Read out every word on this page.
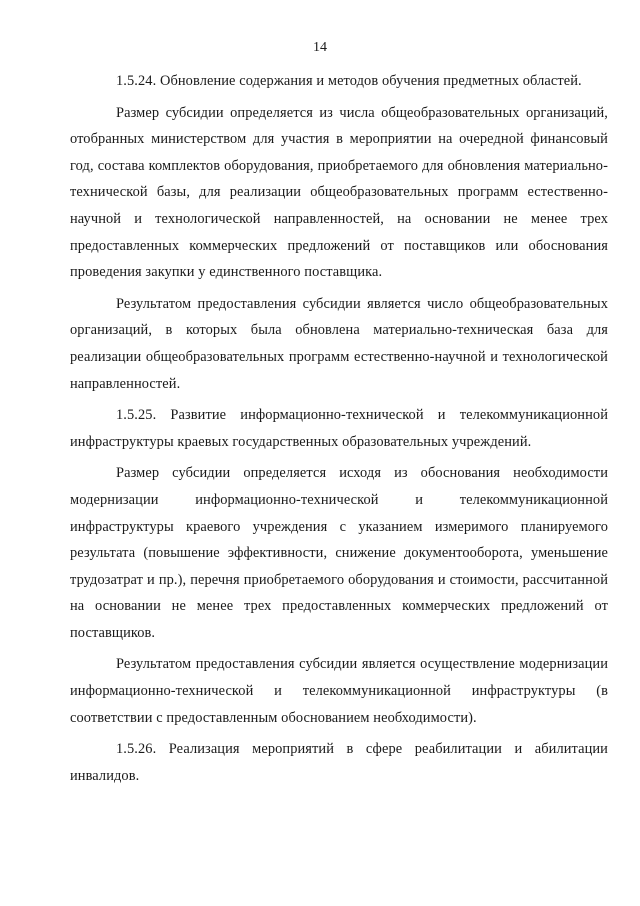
14

1.5.24. Обновление содержания и методов обучения предметных областей.

Размер субсидии определяется из числа общеобразовательных организаций, отобранных министерством для участия в мероприятии на очередной финансовый год, состава комплектов оборудования, приобретаемого для обновления материально-технической базы, для реализации общеобразовательных программ естественно-научной и технологической направленностей, на основании не менее трех предоставленных коммерческих предложений от поставщиков или обоснования проведения закупки у единственного поставщика.

Результатом предоставления субсидии является число общеобразовательных организаций, в которых была обновлена материально-техническая база для реализации общеобразовательных программ естественно-научной и технологической направленностей.

1.5.25. Развитие информационно-технической и телекоммуникационной инфраструктуры краевых государственных образовательных учреждений.

Размер субсидии определяется исходя из обоснования необходимости модернизации информационно-технической и телекоммуникационной инфраструктуры краевого учреждения с указанием измеримого планируемого результата (повышение эффективности, снижение документооборота, уменьшение трудозатрат и пр.), перечня приобретаемого оборудования и стоимости, рассчитанной на основании не менее трех предоставленных коммерческих предложений от поставщиков.

Результатом предоставления субсидии является осуществление модернизации информационно-технической и телекоммуникационной инфраструктуры (в соответствии с предоставленным обоснованием необходимости).

1.5.26. Реализация мероприятий в сфере реабилитации и абилитации инвалидов.
